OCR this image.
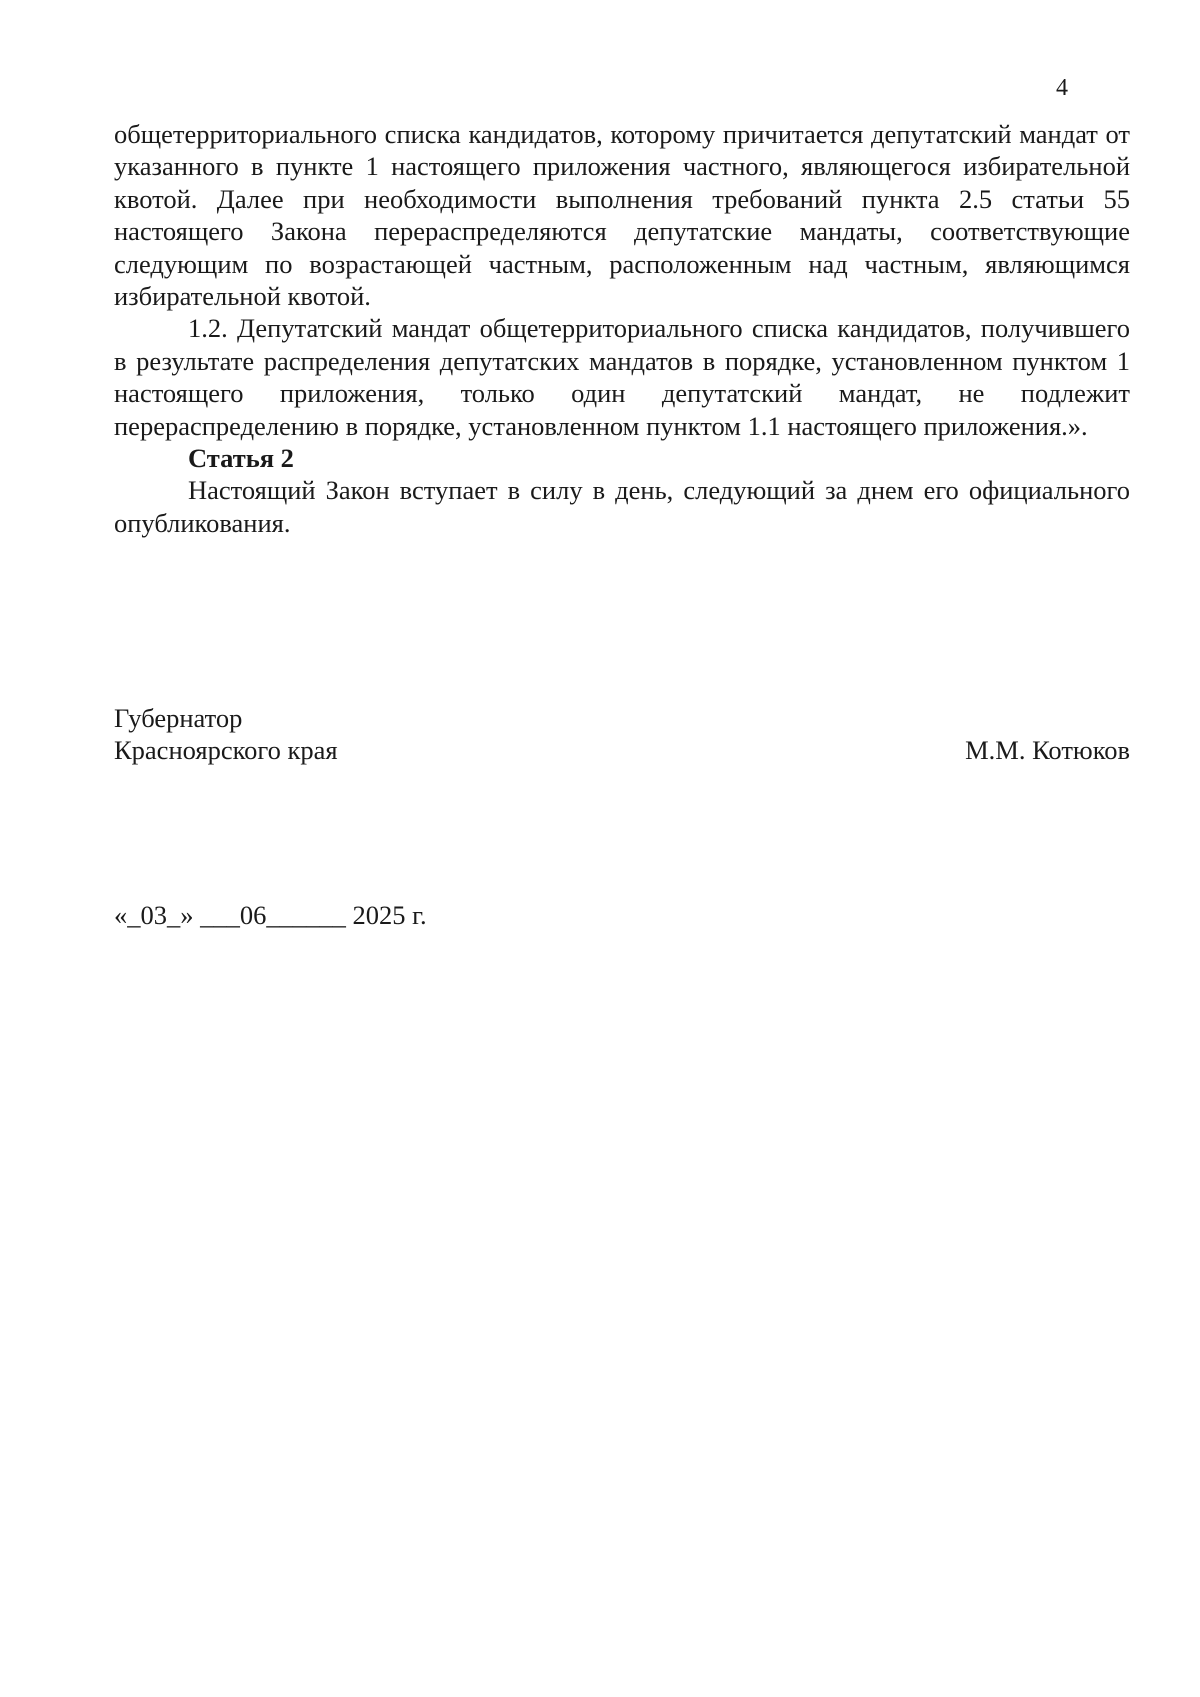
4

общетерриториального списка кандидатов, которому причитается депутатский мандат от указанного в пункте 1 настоящего приложения частного, являющегося избирательной квотой. Далее при необходимости выполнения требований пункта 2.5 статьи 55 настоящего Закона перераспределяются депутатские мандаты, соответствующие следующим по возрастающей частным, расположенным над частным, являющимся избирательной квотой.

1.2. Депутатский мандат общетерриториального списка кандидатов, получившего в результате распределения депутатских мандатов в порядке, установленном пунктом 1 настоящего приложения, только один депутатский мандат, не подлежит перераспределению в порядке, установленном пунктом 1.1 настоящего приложения.».

Статья 2

Настоящий Закон вступает в силу в день, следующий за днем его официального опубликования.

Губернатор
Красноярского края	М.М. Котюков
«_03_» ___06______ 2025 г.
